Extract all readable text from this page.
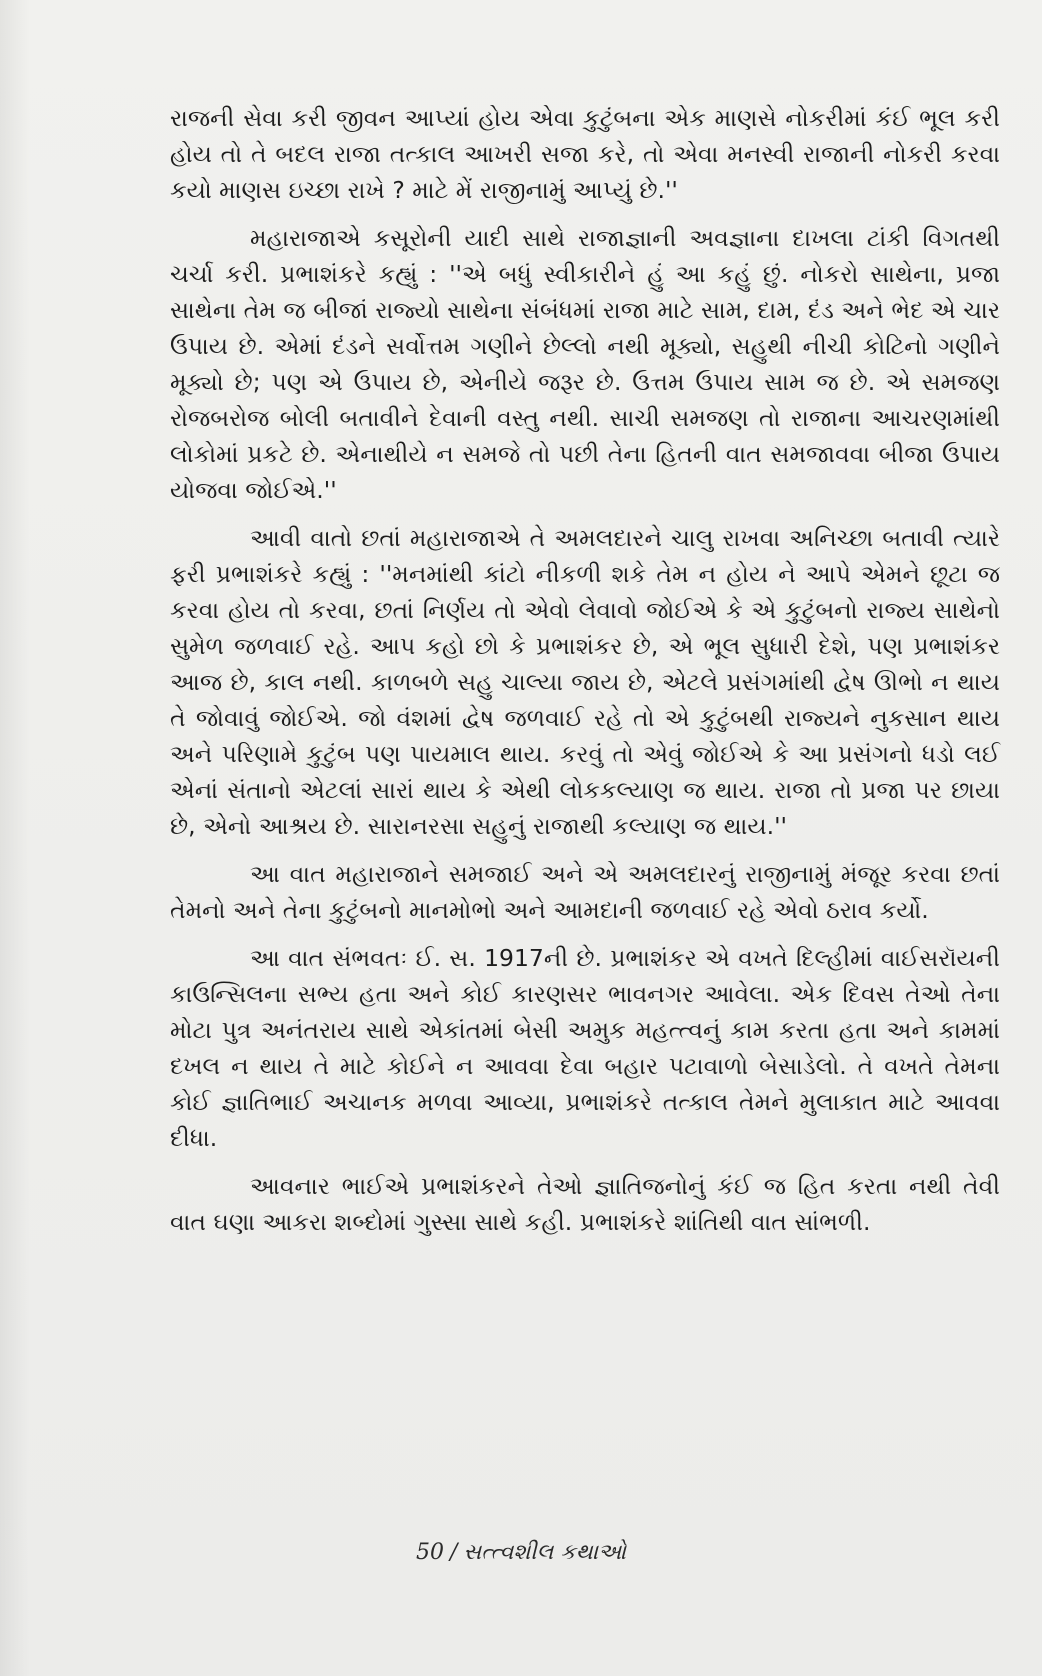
રાજની સેવા કરી જીવન આપ્યાં હોય એવા કુટુંબના એક માણસે નોકરીમાં કંઈ ભૂલ કરી હોય તો તે બદલ રાજા તત્કાલ આખરી સજા કરે, તો એવા મનસ્વી રાજાની નોકરી કરવા કયો માણસ ઇચ્છા રાખે ? માટે મેં રાજીનામું આપ્યું છે.''

મહારાજાએ કસૂરોની યાદી સાથે રાજાજ્ઞાની અવજ્ઞાના દાખલા ટાંકી વિગતથી ચર્ચા કરી. પ્રભાશંકરે કહ્યું : ''એ બધું સ્વીકારીને હું આ કહું છું. નોકરો સાથેના, પ્રજા સાથેના તેમ જ બીજાં રાજ્યો સાથેના સંબંધમાં રાજા માટે સામ, દામ, દંડ અને ભેદ એ ચાર ઉપાય છે. એમાં દંડને સર્વોત્તમ ગણીને છેલ્લો નથી મૂક્યો, સહુથી નીચી કોટિનો ગણીને મૂક્યો છે; પણ એ ઉપાય છે, એનીયે જરૂર છે. ઉત્તમ ઉપાય સામ જ છે. એ સમજણ રોજબરોજ બોલી બતાવીને દેવાની વસ્તુ નથી. સાચી સમજણ તો રાજાના આચરણમાંથી લોકોમાં પ્રકટે છે. એનાથીયે ન સમજે તો પછી તેના હિતની વાત સમજાવવા બીજા ઉપાય યોજવા જોઈએ.''

આવી વાતો છતાં મહારાજાએ તે અમલદારને ચાલુ રાખવા અનિચ્છા બતાવી ત્યારે ફરી પ્રભાશંકરે કહ્યું : ''મનમાંથી કાંટો નીકળી શકે તેમ ન હોય ને આપે એમને છૂટા જ કરવા હોય તો કરવા, છતાં નિર્ણય તો એવો લેવાવો જોઈએ કે એ કુટુંબનો રાજ્ય સાથેનો સુમેળ જળવાઈ રહે. આપ કહો છો કે પ્રભાશંકર છે, એ ભૂલ સુધારી દેશે, પણ પ્રભાશંકર આજ છે, કાલ નથી. કાળબળે સહુ ચાલ્યા જાય છે, એટલે પ્રસંગમાંથી દ્વેષ ઊભો ન થાય તે જોવાવું જોઈએ. જો વંશમાં દ્વેષ જળવાઈ રહે તો એ કુટુંબથી રાજ્યને નુકસાન થાય અને પરિણામે કુટુંબ પણ પાયમાલ થાય. કરવું તો એવું જોઈએ કે આ પ્રસંગનો ધડો લઈ એનાં સંતાનો એટલાં સારાં થાય કે એથી લોકકલ્યાણ જ થાય. રાજા તો પ્રજા પર છાયા છે, એનો આશ્રય છે. સારાનરસા સહુનું રાજાથી કલ્યાણ જ થાય.''

આ વાત મહારાજાને સમજાઈ અને એ અમલદારનું રાજીનામું મંજૂર કરવા છતાં તેમનો અને તેના કુટુંબનો માનમોભો અને આમદાની જળવાઈ રહે એવો ઠરાવ કર્યો.

આ વાત સંભવતઃ ઈ. સ. 1917ની છે. પ્રભાશંકર એ વખતે દિલ્હીમાં વાઈસરૉયની કાઉન્સિલના સભ્ય હતા અને કોઈ કારણસર ભાવનગર આવેલા. એક દિવસ તેઓ તેના મોટા પુત્ર અનંતરાય સાથે એકાંતમાં બેસી અમુક મહત્ત્વનું કામ કરતા હતા અને કામમાં દખલ ન થાય તે માટે કોઈને ન આવવા દેવા બહાર પટાવાળો બેસાડેલો. તે વખતે તેમના કોઈ જ્ઞાતિભાઈ અચાનક મળવા આવ્યા, પ્રભાશંકરે તત્કાલ તેમને મુલાકાત માટે આવવા દીધા.

આવનાર ભાઈએ પ્રભાશંકરને તેઓ જ્ઞાતિજનોનું કંઈ જ હિત કરતા નથી તેવી વાત ઘણા આકરા શબ્દોમાં ગુસ્સા સાથે કહી. પ્રભાશંકરે શાંતિથી વાત સાંભળી.

50 / સત્ત્વશીલ કથાઓ
